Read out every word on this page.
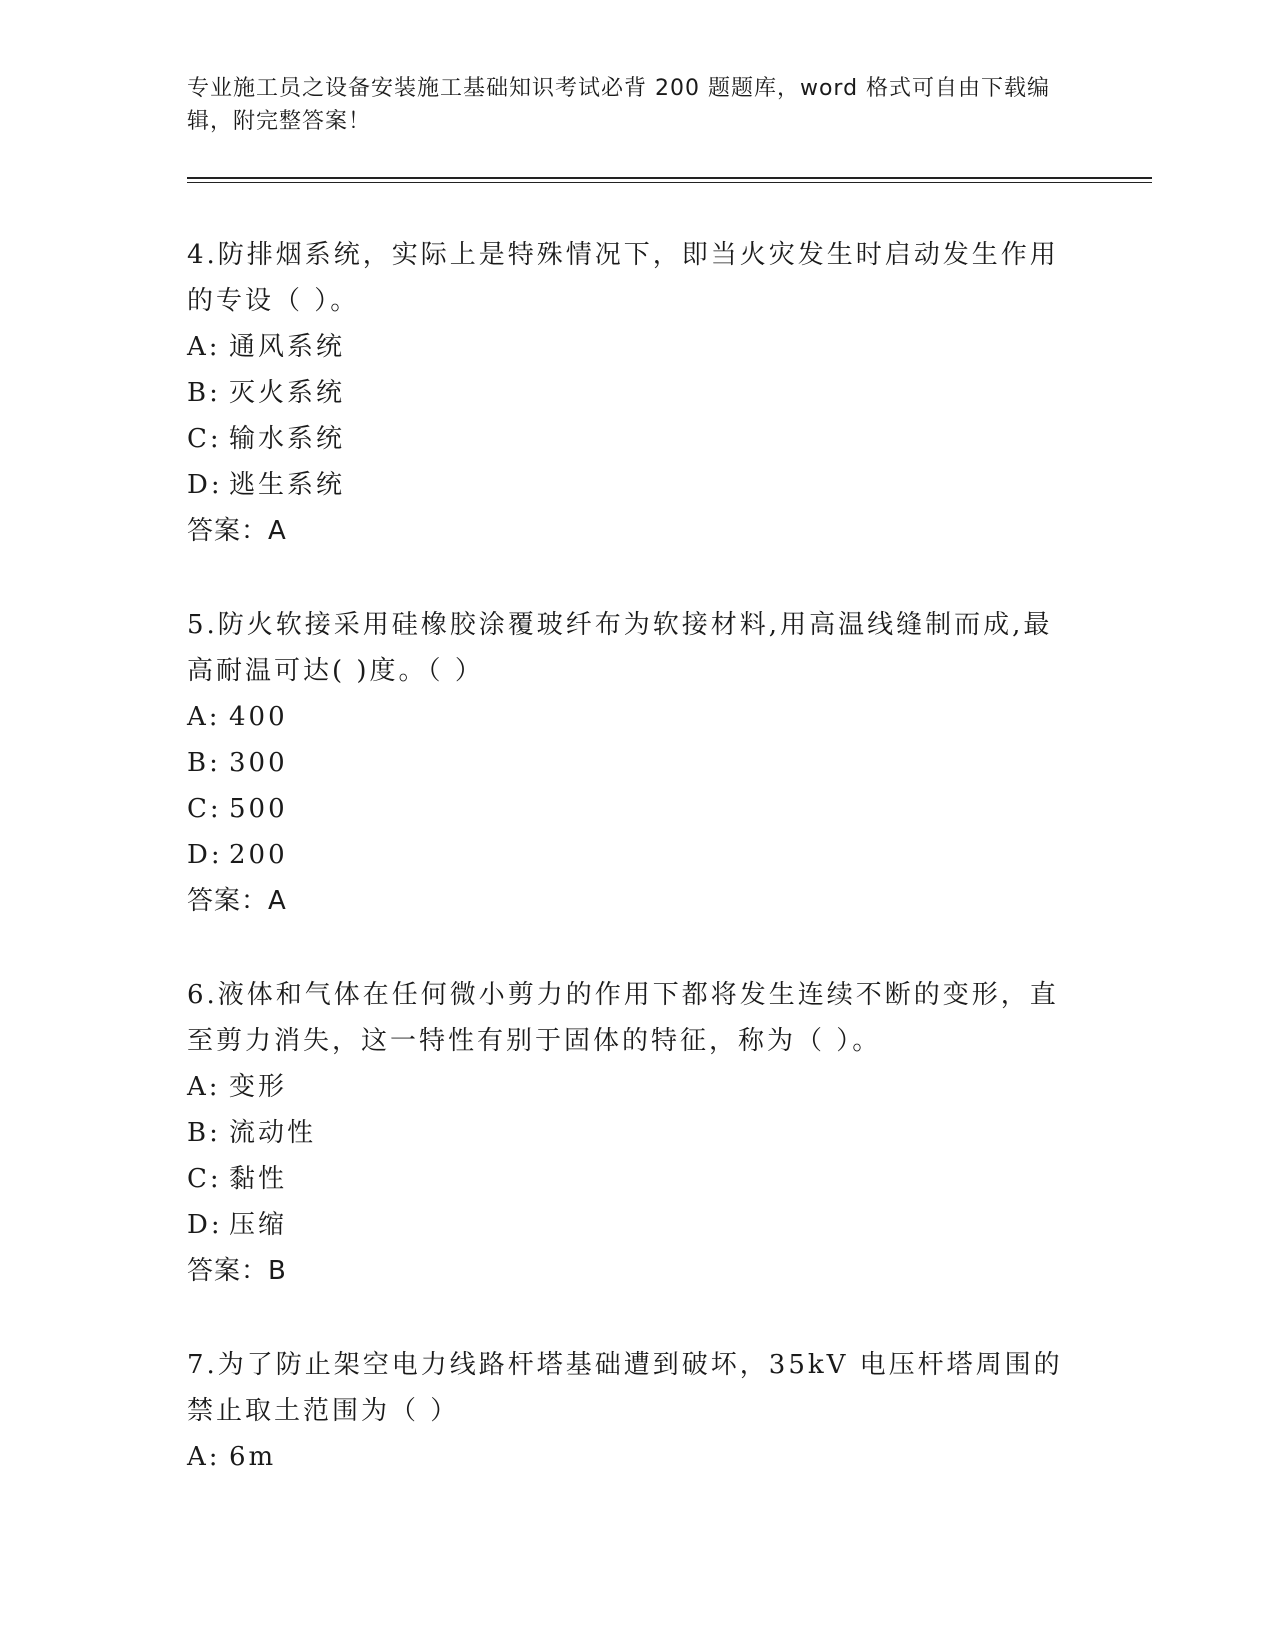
专业施工员之设备安装施工基础知识考试必背 200 题题库，word 格式可自由下载编辑，附完整答案！
4.防排烟系统，实际上是特殊情况下，即当火灾发生时启动发生作用的专设（ ）。
A: 通风系统
B: 灭火系统
C: 输水系统
D: 逃生系统
答案：A
5.防火软接采用硅橡胶涂覆玻纤布为软接材料,用高温线缝制而成,最高耐温可达( )度。（ ）
A: 400
B: 300
C: 500
D: 200
答案：A
6.液体和气体在任何微小剪力的作用下都将发生连续不断的变形，直至剪力消失，这一特性有别于固体的特征，称为（ ）。
A: 变形
B: 流动性
C: 黏性
D: 压缩
答案：B
7.为了防止架空电力线路杆塔基础遭到破坏，35kV 电压杆塔周围的禁止取土范围为（ ）
A: 6m
